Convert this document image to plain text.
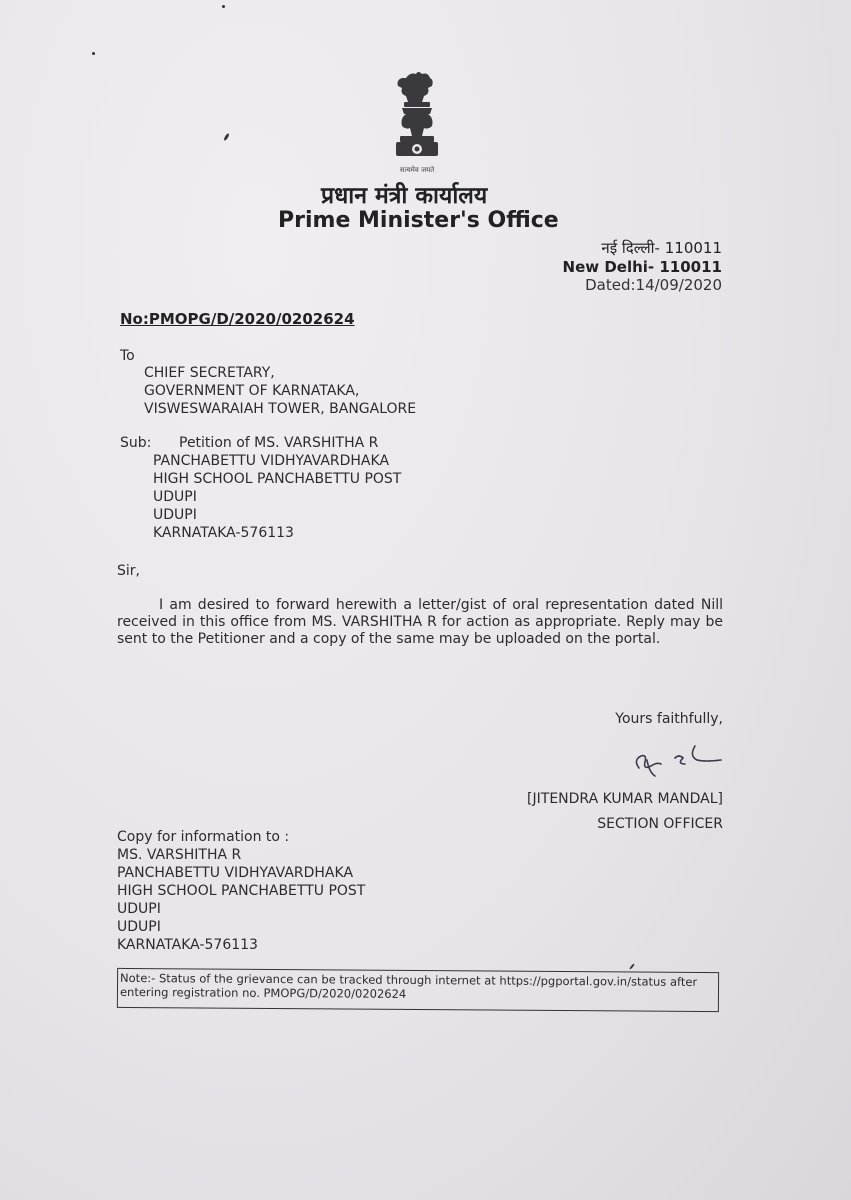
सत्यमेव जयते
प्रधान मंत्री कार्यालय
Prime Minister's Office
नई दिल्ली- 110011
New Delhi- 110011
Dated:14/09/2020
No:PMOPG/D/2020/0202624
To
CHIEF SECRETARY,
GOVERNMENT OF KARNATAKA,
VISWESWARAIAH TOWER, BANGALORE
Sub: Petition of MS. VARSHITHA R
PANCHABETTU VIDHYAVARDHAKA
HIGH SCHOOL PANCHABETTU POST
UDUPI
UDUPI
KARNATAKA-576113
Sir,
I am desired to forward herewith a letter/gist of oral representation dated Nill received in this office from MS. VARSHITHA R for action as appropriate. Reply may be sent to the Petitioner and a copy of the same may be uploaded on the portal.
Yours faithfully,
[JITENDRA KUMAR MANDAL]
SECTION OFFICER
Copy for information to :
MS. VARSHITHA R
PANCHABETTU VIDHYAVARDHAKA
HIGH SCHOOL PANCHABETTU POST
UDUPI
UDUPI
KARNATAKA-576113
Note:- Status of the grievance can be tracked through internet at https://pgportal.gov.in/status after entering registration no. PMOPG/D/2020/0202624
